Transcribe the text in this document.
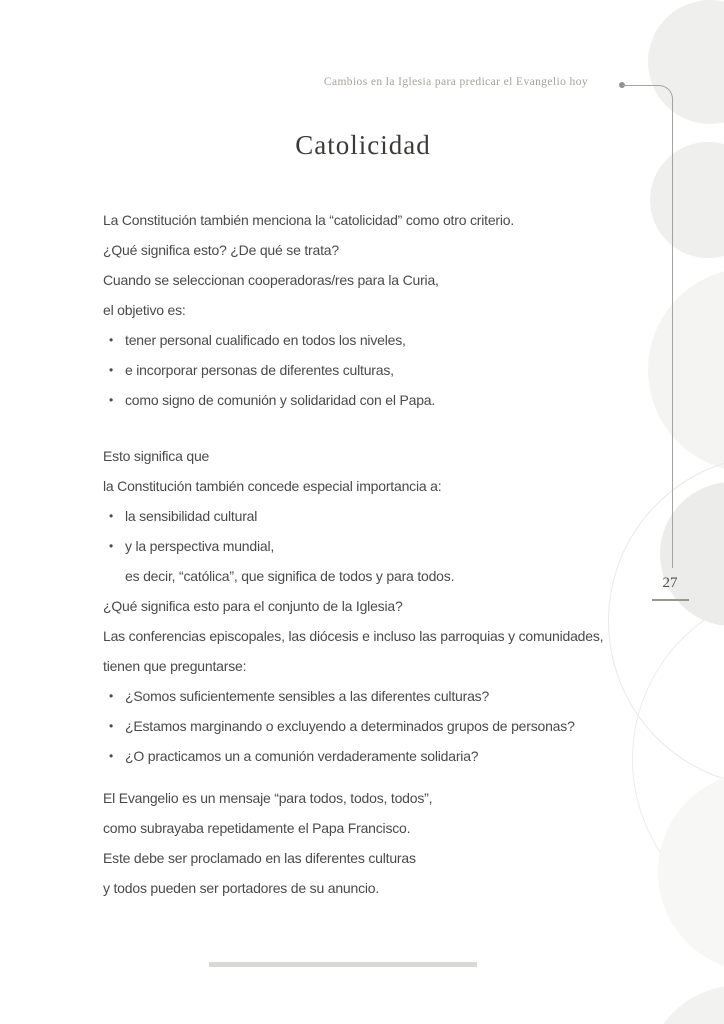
Cambios en la Iglesia para predicar el Evangelio hoy
Catolicidad
La Constitución también menciona la “catolicidad” como otro criterio.
¿Qué significa esto? ¿De qué se trata?
Cuando se seleccionan cooperadoras/res para la Curia,
el objetivo es:
• tener personal cualificado en todos los niveles,
• e incorporar personas de diferentes culturas,
• como signo de comunión y solidaridad con el Papa.
Esto significa que
la Constitución también concede especial importancia a:
• la sensibilidad cultural
• y la perspectiva mundial,
es decir, “católica”, que significa de todos y para todos.
¿Qué significa esto para el conjunto de la Iglesia?
Las conferencias episcopales, las diócesis e incluso las parroquias y comunidades,
tienen que preguntarse:
• ¿Somos suficientemente sensibles a las diferentes culturas?
• ¿Estamos marginando o excluyendo a determinados grupos de personas?
• ¿O practicamos un a comunión verdaderamente solidaria?
El Evangelio es un mensaje “para todos, todos, todos”,
como subrayaba repetidamente el Papa Francisco.
Este debe ser proclamado en las diferentes culturas
y todos pueden ser portadores de su anuncio.
27
